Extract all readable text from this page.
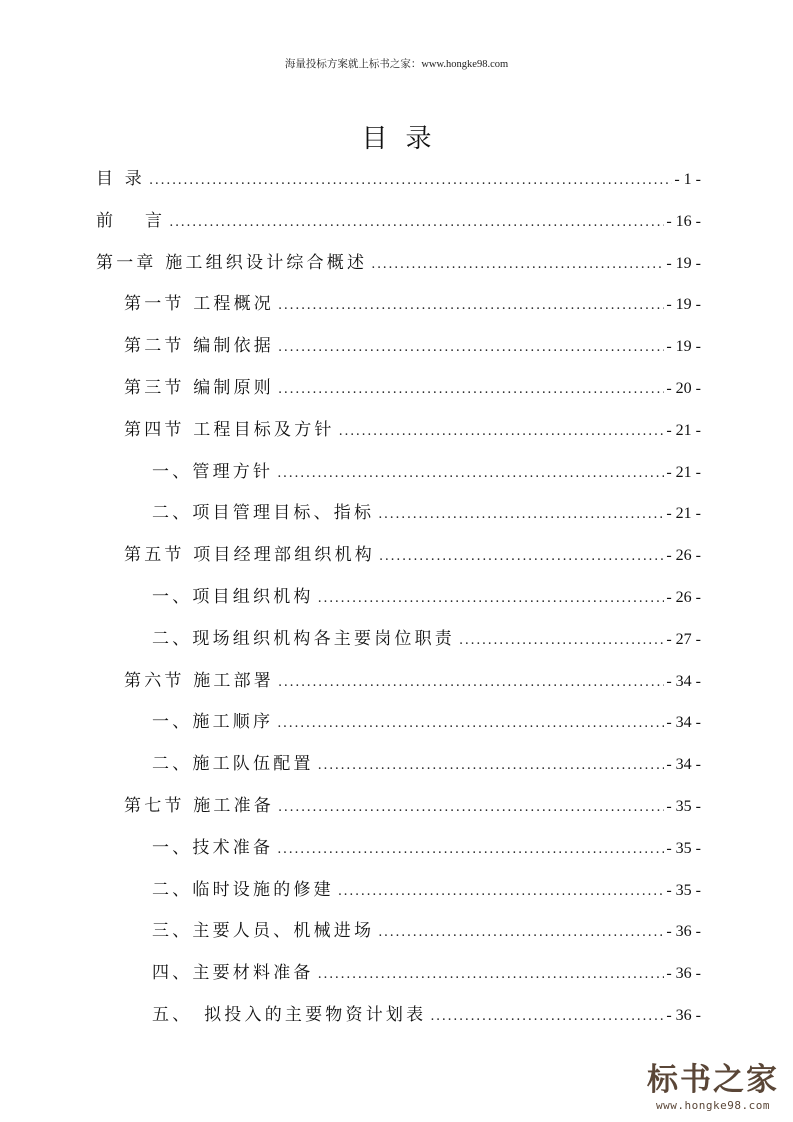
海量投标方案就上标书之家：www.hongke98.com
目录
目 录 .....	- 1 -
前　 言 .....	- 16 -
第一章 施工组织设计综合概述 .....	- 19 -
第一节 工程概况 .....	- 19 -
第二节 编制依据 .....	- 19 -
第三节 编制原则 .....	- 20 -
第四节 工程目标及方针 .....	- 21 -
一、管理方针 .....	- 21 -
二、项目管理目标、指标 .....	- 21 -
第五节 项目经理部组织机构 .....	- 26 -
一、项目组织机构 .....	- 26 -
二、现场组织机构各主要岗位职责 .....	- 27 -
第六节 施工部署 .....	- 34 -
一、施工顺序 .....	- 34 -
二、施工队伍配置 .....	- 34 -
第七节 施工准备 .....	- 35 -
一、技术准备 .....	- 35 -
二、临时设施的修建 .....	- 35 -
三、主要人员、机械进场 .....	- 36 -
四、主要材料准备 .....	- 36 -
五、　拟投入的主要物资计划表 .....	- 36 -
标书之家
www.hongke98.com
